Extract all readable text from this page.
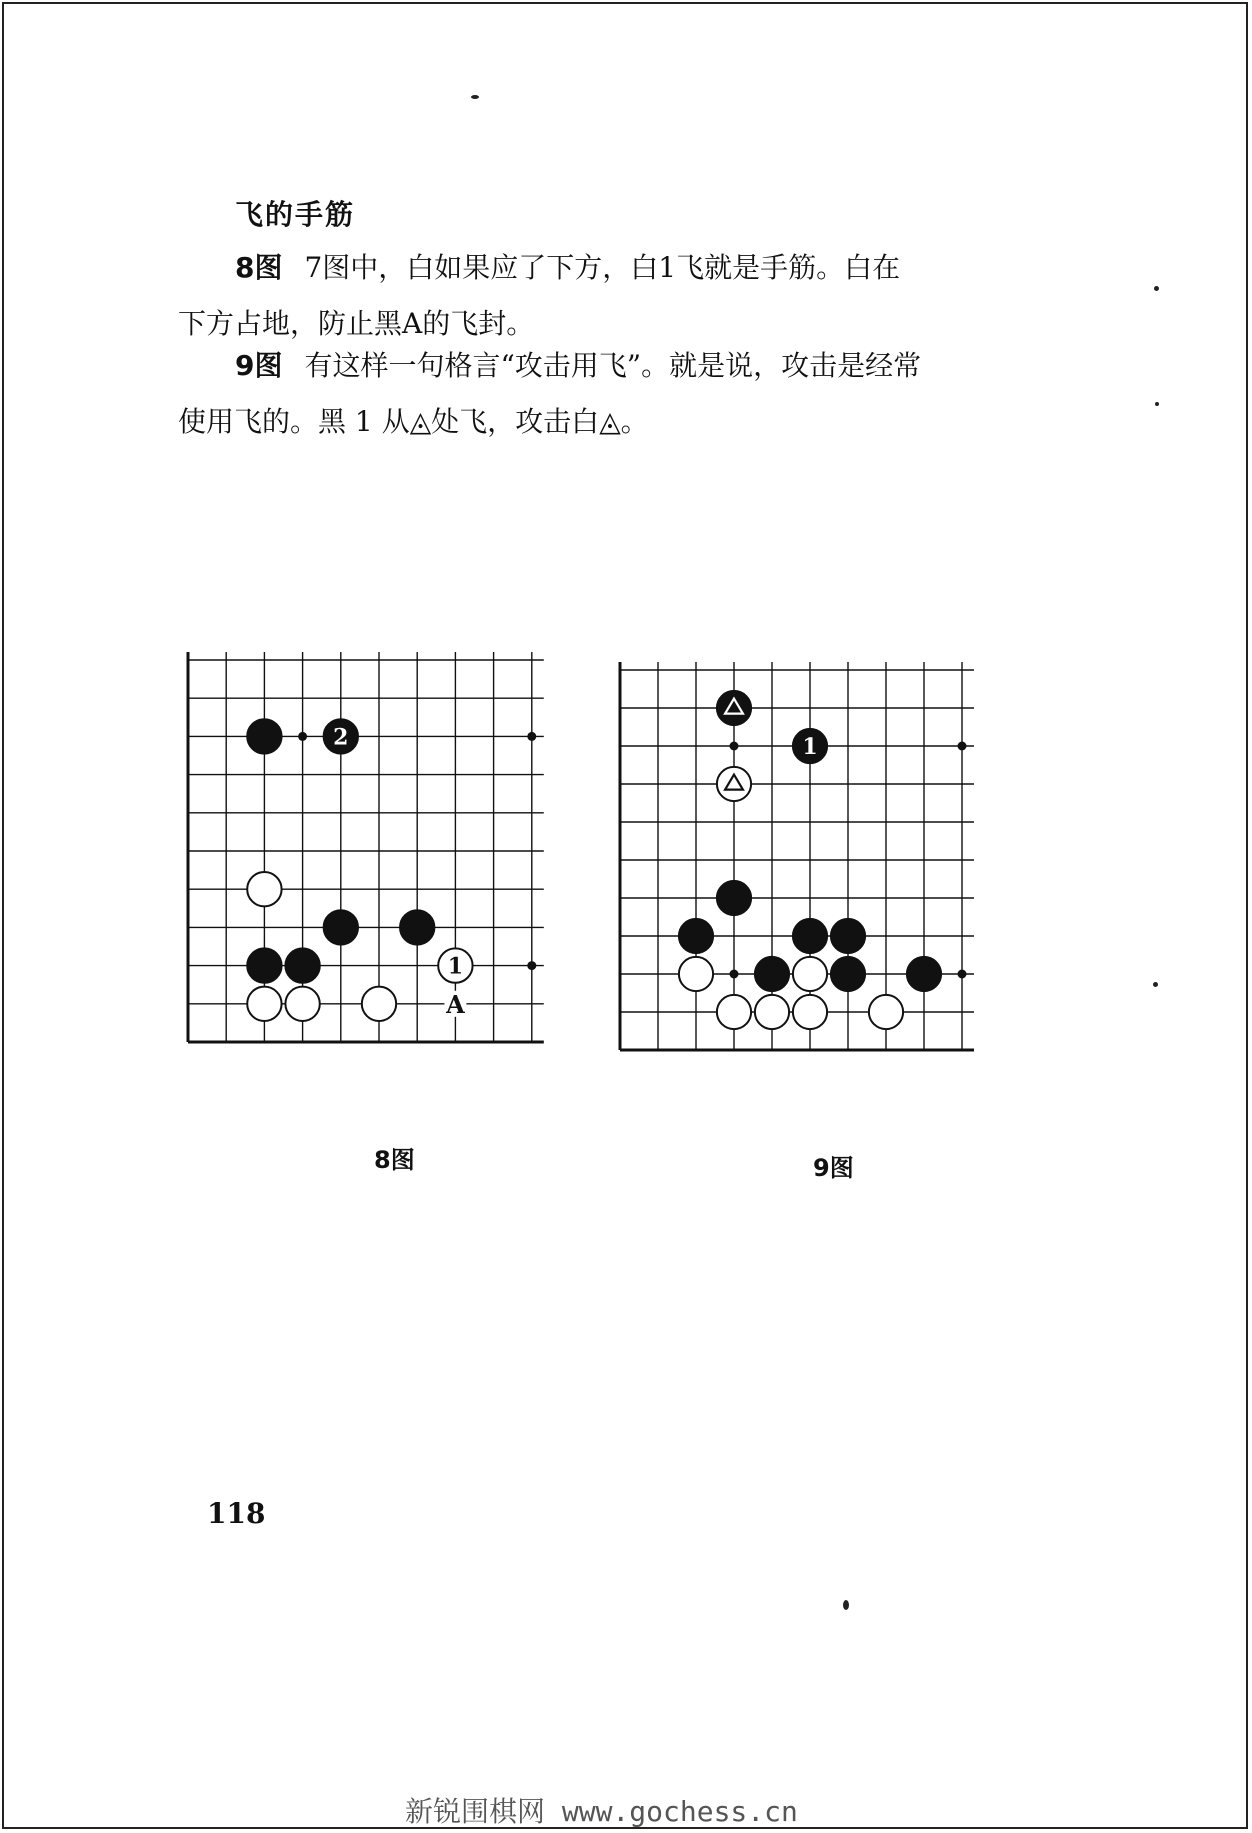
飞的手筋
8图 7图中，白如果应了下方，白1飞就是手筋。白在
下方占地，防止黑A的飞封。
9图 有这样一句格言“攻击用飞”。就是说，攻击是经常
使用飞的。黑 1 从◬处飞，攻击白◬。
2
1
A
8图
1
9图
118
新锐围棋网 www.gochess.cn
